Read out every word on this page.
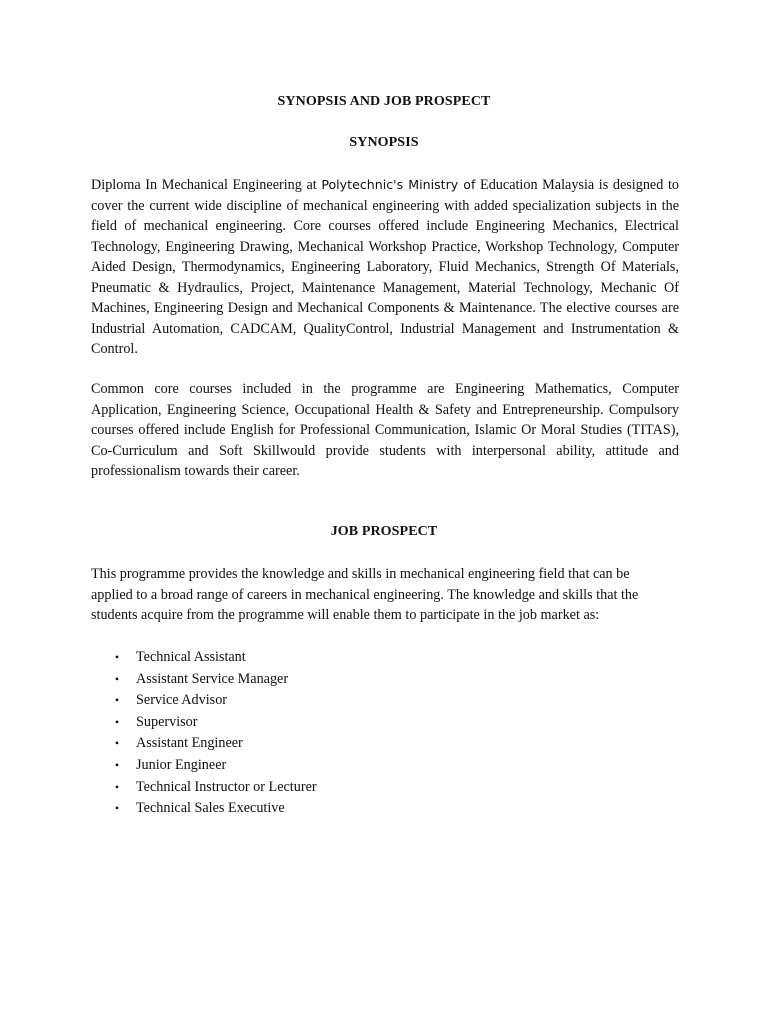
SYNOPSIS AND JOB PROSPECT
SYNOPSIS

Diploma In Mechanical Engineering at Polytechnic's Ministry of Education Malaysia is designed to cover the current wide discipline of mechanical engineering with added specialization subjects in the field of mechanical engineering. Core courses offered include Engineering Mechanics, Electrical Technology, Engineering Drawing, Mechanical Workshop Practice, Workshop Technology, Computer Aided Design, Thermodynamics, Engineering Laboratory, Fluid Mechanics, Strength Of Materials, Pneumatic & Hydraulics, Project, Maintenance Management, Material Technology, Mechanic Of Machines, Engineering Design and Mechanical Components & Maintenance. The elective courses are Industrial Automation, CADCAM, QualityControl, Industrial Management and Instrumentation & Control.

Common core courses included in the programme are Engineering Mathematics, Computer Application, Engineering Science, Occupational Health & Safety and Entrepreneurship. Compulsory courses offered include English for Professional Communication, Islamic Or Moral Studies (TITAS), Co-Curriculum and Soft Skillwould provide students with interpersonal ability, attitude and professionalism towards their career.

JOB PROSPECT
This programme provides the knowledge and skills in mechanical engineering field that can be
applied to a broad range of careers in mechanical engineering. The knowledge and skills that the
students acquire from the programme will enable them to participate in the job market as:
•	Technical Assistant
•	Assistant Service Manager
•	Service Advisor
•	Supervisor
•	Assistant Engineer
•	Junior Engineer
•	Technical Instructor or Lecturer
•	Technical Sales Executive
